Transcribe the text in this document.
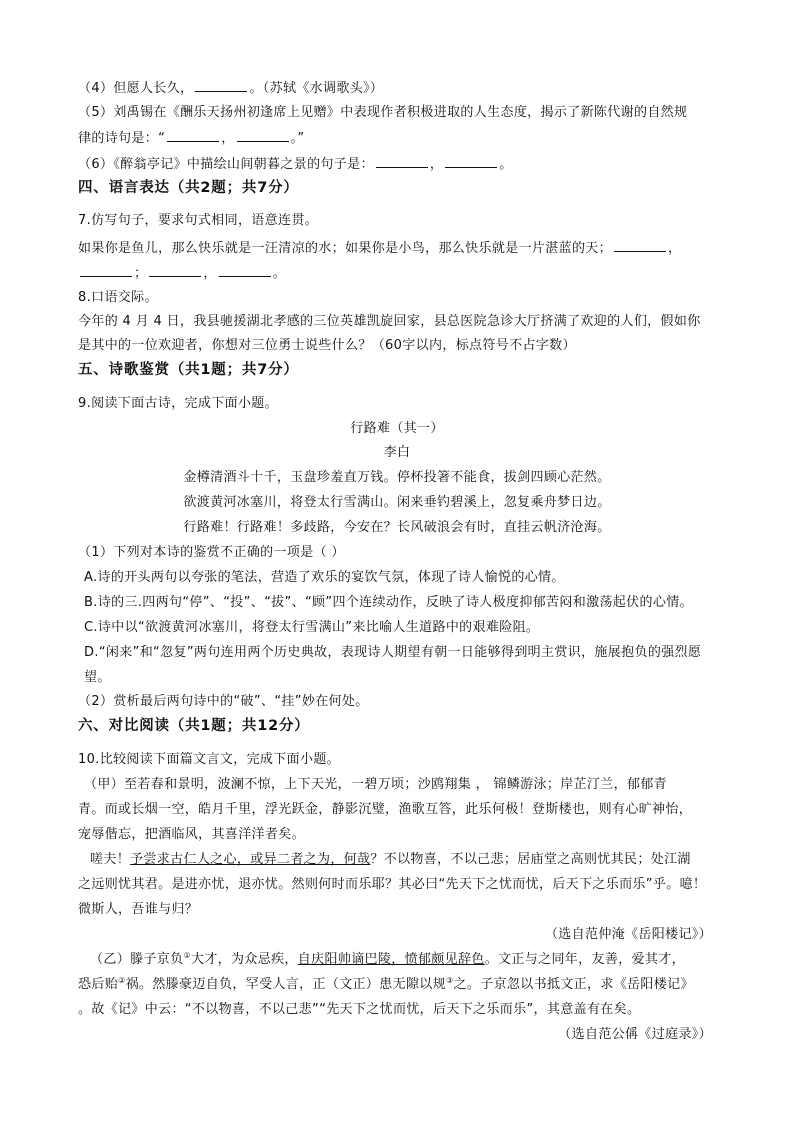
（4）但愿人长久，	。（苏轼《水调歌头》）
（5）刘禹锡在《酬乐天扬州初逢席上见赠》中表现作者积极进取的人生态度，揭示了新陈代谢的自然规
律的诗句是：“	，	。”
（6）《醉翁亭记》中描绘山间朝暮之景的句子是：	，	。
四、语言表达（共2题；共7分）
7.仿写句子，要求句式相同，语意连贯。
如果你是鱼儿，那么快乐就是一汪清凉的水；如果你是小鸟，那么快乐就是一片湛蓝的天；	，
；	，	。
8.口语交际。
今年的 4 月 4 日，我县驰援湖北孝感的三位英雄凯旋回家，县总医院急诊大厅挤满了欢迎的人们，假如你
是其中的一位欢迎者，你想对三位勇士说些什么？（60字以内，标点符号不占字数）
五、诗歌鉴赏（共1题；共7分）
9.阅读下面古诗，完成下面小题。
行路难（其一）
李白
金樽清酒斗十千，玉盘珍羞直万钱。停杯投箸不能食，拔剑四顾心茫然。
欲渡黄河冰塞川，将登太行雪满山。闲来垂钓碧溪上，忽复乘舟梦日边。
行路难！行路难！多歧路，今安在？长风破浪会有时，直挂云帆济沧海。
（1）下列对本诗的鉴赏不正确的一项是（ ）
A.诗的开头两句以夸张的笔法，营造了欢乐的宴饮气氛，体现了诗人愉悦的心情。
B.诗的三.四两句“停”、“投”、“拔”、“顾”四个连续动作，反映了诗人极度抑郁苦闷和激荡起伏的心情。
C.诗中以“欲渡黄河冰塞川，将登太行雪满山”来比喻人生道路中的艰难险阻。
D.“闲来”和“忽复”两句连用两个历史典故，表现诗人期望有朝一日能够得到明主赏识，施展抱负的强烈愿
望。
（2）赏析最后两句诗中的“破”、“挂”妙在何处。
六、对比阅读（共1题；共12分）
10.比较阅读下面篇文言文，完成下面小题。
（甲）至若春和景明，波澜不惊，上下天光，一碧万顷；沙鸥翔集 ， 锦鳞游泳；岸芷汀兰，郁郁青
青。而或长烟一空，皓月千里，浮光跃金，静影沉璧，渔歌互答，此乐何极！登斯楼也，则有心旷神怡，
宠辱偕忘，把酒临风，其喜洋洋者矣。
嗟夫！予尝求古仁人之心，或异二者之为，何哉？不以物喜，不以己悲；居庙堂之高则忧其民；处江湖
之远则忧其君。是进亦忧，退亦忧。然则何时而乐耶？其必曰“先天下之忧而忧，后天下之乐而乐”乎。噫！
微斯人，吾谁与归？
（选自范仲淹《岳阳楼记》）
（乙）滕子京负①大才，为众忌疾，自庆阳帅谪巴陵，愤郁颇见辞色。文正与之同年，友善，爱其才，
恐后贻②祸。然滕豪迈自负，罕受人言，正（文正）患无隙以规③之。子京忽以书抵文正，求《岳阳楼记》
。故《记》中云：“不以物喜，不以己悲”“先天下之忧而忧，后天下之乐而乐”，其意盖有在矣。
（选自范公偁《过庭录》）
